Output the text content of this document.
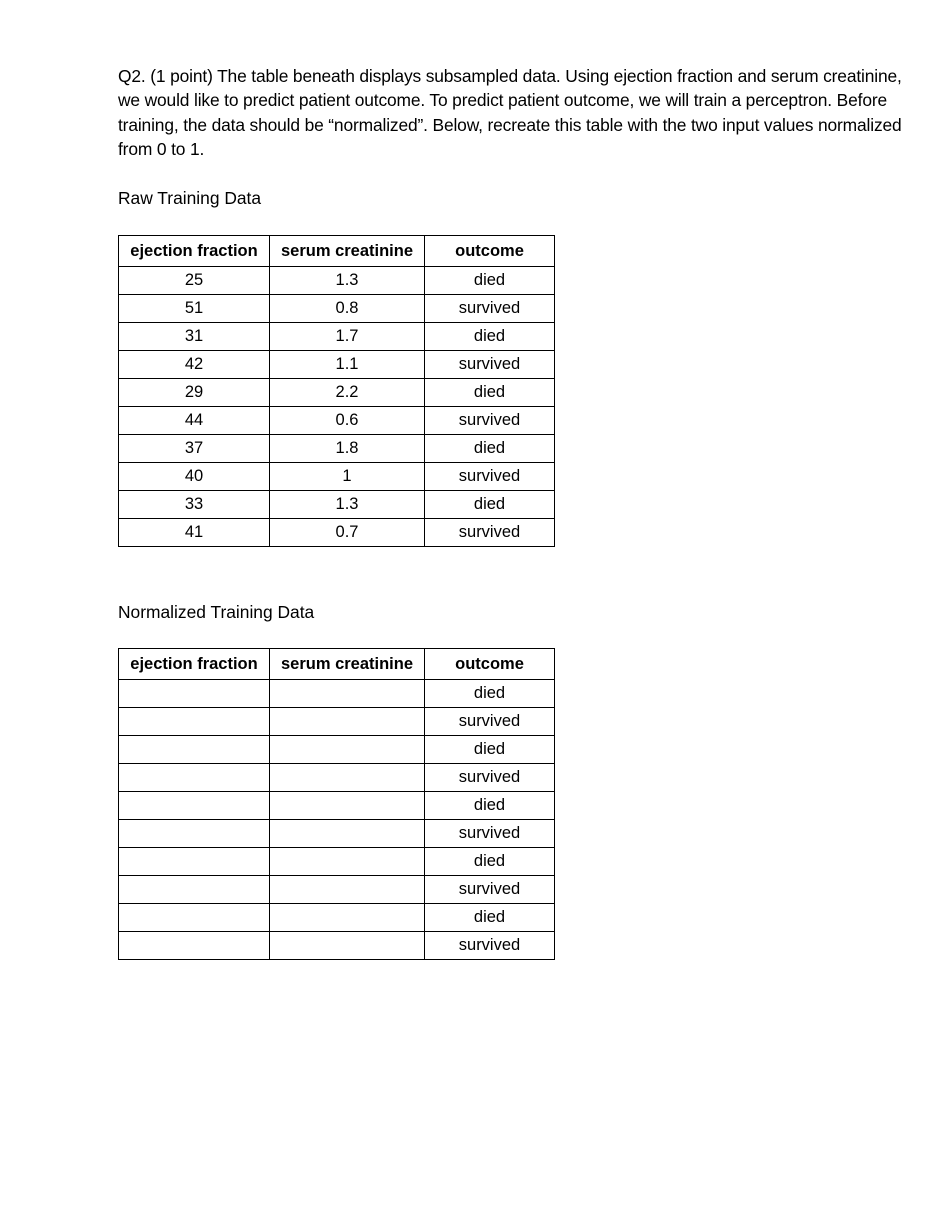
Q2. (1 point) The table beneath displays subsampled data. Using ejection fraction and serum creatinine, we would like to predict patient outcome. To predict patient outcome, we will train a perceptron. Before training, the data should be “normalized”. Below, recreate this table with the two input values normalized from 0 to 1.

Raw Training Data

ejection fraction	serum creatinine	outcome
25	1.3	died
51	0.8	survived
31	1.7	died
42	1.1	survived
29	2.2	died
44	0.6	survived
37	1.8	died
40	1	survived
33	1.3	died
41	0.7	survived

Normalized Training Data

ejection fraction	serum creatinine	outcome
		died
		survived
		died
		survived
		died
		survived
		died
		survived
		died
		survived
